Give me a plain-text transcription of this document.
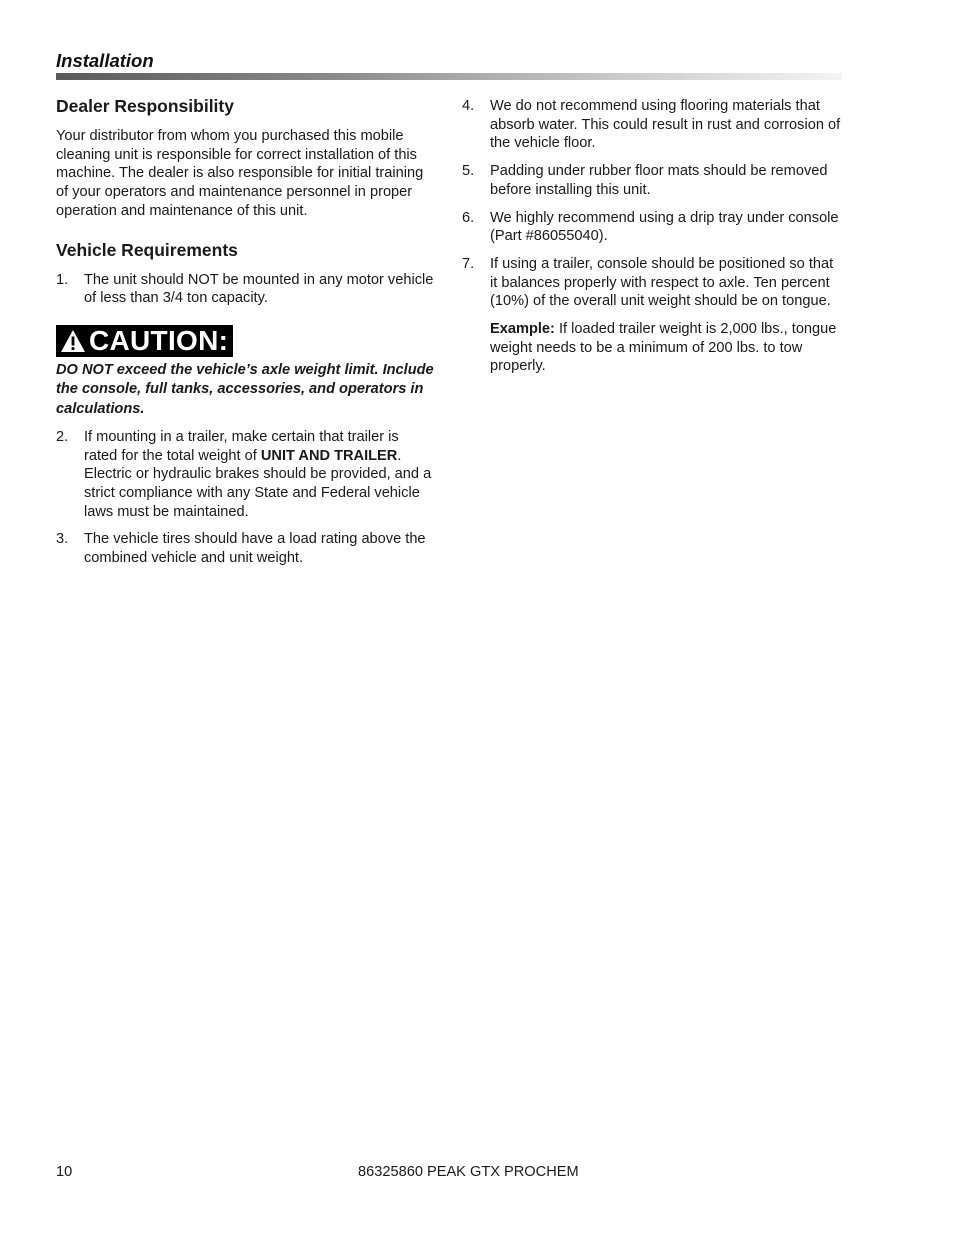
Installation
Dealer Responsibility

Your distributor from whom you purchased this mobile cleaning unit is responsible for correct installation of this machine. The dealer is also responsible for initial training of your operators and maintenance personnel in proper operation and maintenance of this unit.

Vehicle Requirements
1.	The unit should NOT be mounted in any motor vehicle of less than 3/4 ton capacity.
CAUTION:

DO NOT exceed the vehicle’s axle weight limit. Include the console, full tanks, accessories, and operators in calculations.

2.	If mounting in a trailer, make certain that trailer is rated for the total weight of UNIT AND TRAILER. Electric or hydraulic brakes should be provided, and a strict compliance with any State and Federal vehicle laws must be maintained.
3.	The vehicle tires should have a load rating above the combined vehicle and unit weight.
4.	We do not recommend using flooring materials that absorb water. This could result in rust and corrosion of the vehicle floor.
5.	Padding under rubber floor mats should be removed before installing this unit.
6.	We highly recommend using a drip tray under console (Part #86055040).
7.	If using a trailer, console should be positioned so that it balances properly with respect to axle. Ten percent (10%) of the overall unit weight should be on tongue.

Example: If loaded trailer weight is 2,000 lbs., tongue weight needs to be a minimum of 200 lbs. to tow properly.

10	86325860 PEAK GTX PROCHEM
